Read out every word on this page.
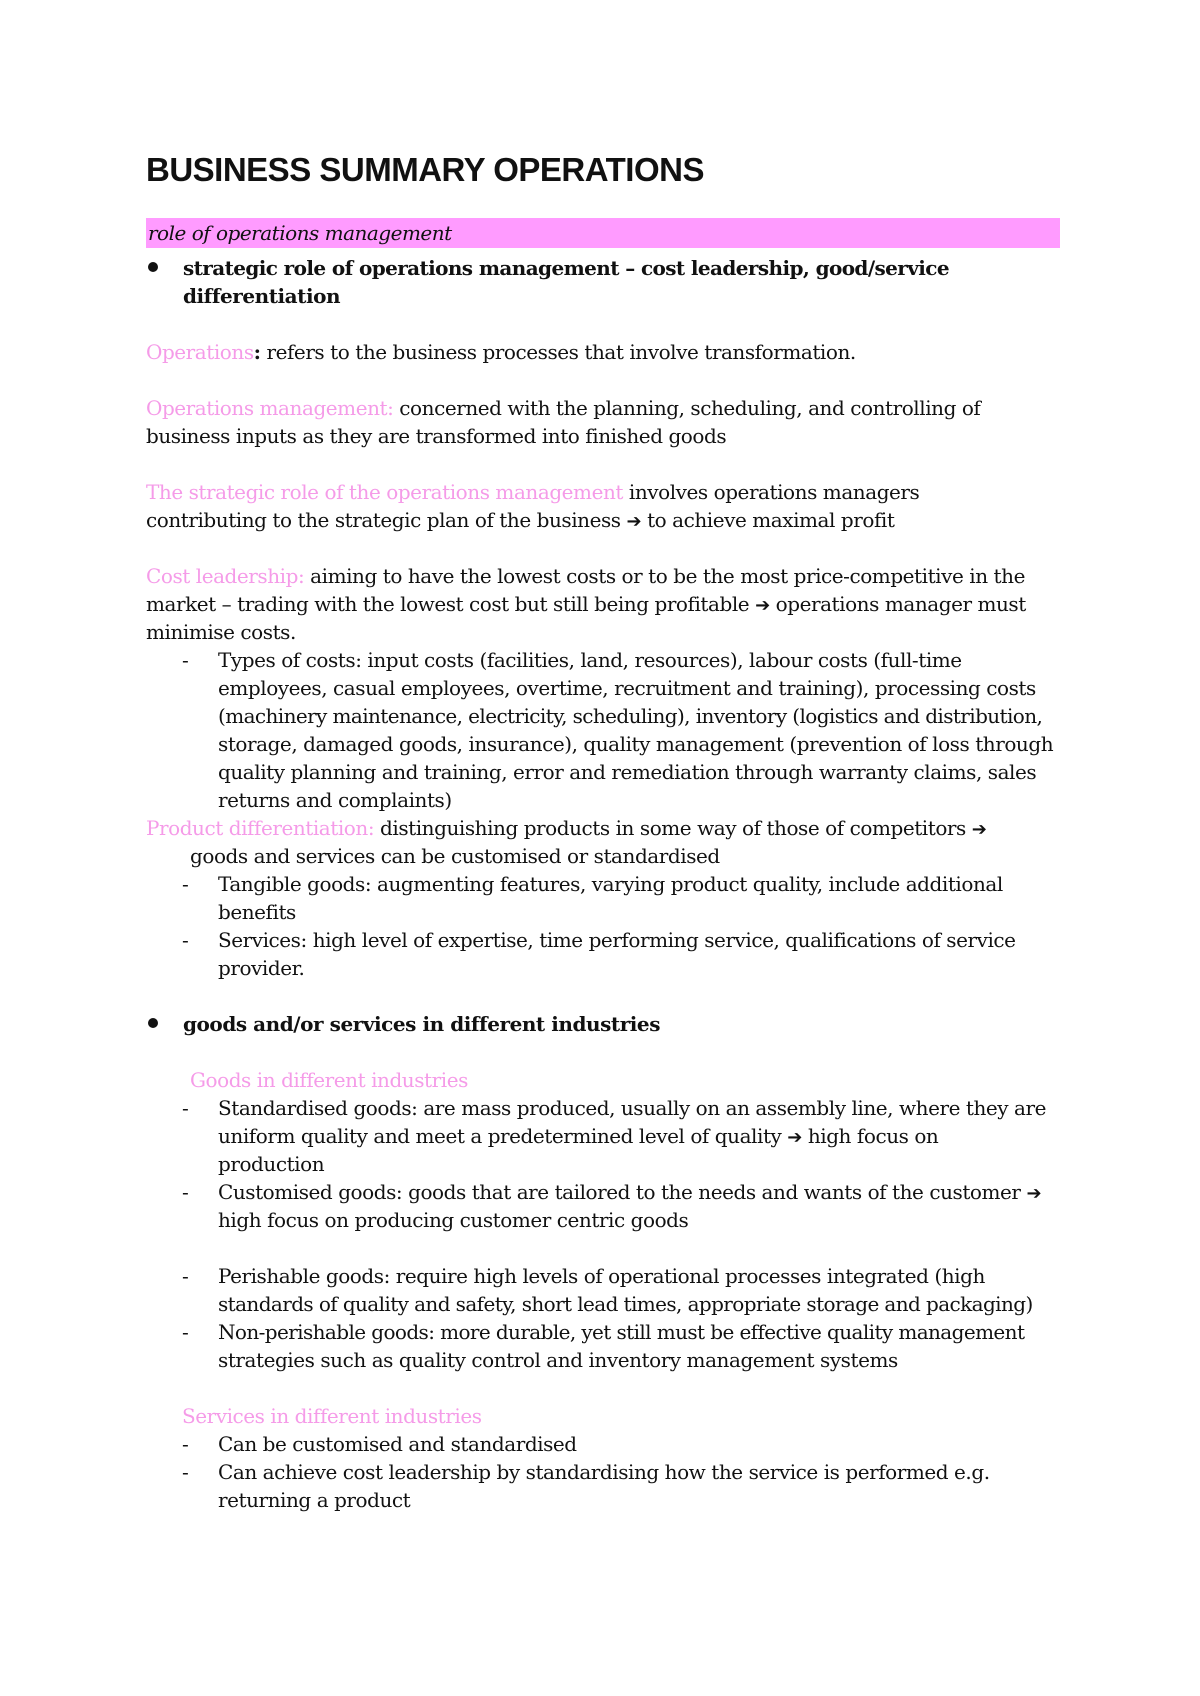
BUSINESS SUMMARY OPERATIONS
role of operations management
strategic role of operations management – cost leadership, good/service
differentiation
Operations: refers to the business processes that involve transformation.
Operations management: concerned with the planning, scheduling, and controlling of
business inputs as they are transformed into finished goods
The strategic role of the operations management involves operations managers
contributing to the strategic plan of the business ➔ to achieve maximal profit
Cost leadership: aiming to have the lowest costs or to be the most price-competitive in the
market – trading with the lowest cost but still being profitable ➔ operations manager must
minimise costs.
- Types of costs: input costs (facilities, land, resources), labour costs (full-time
employees, casual employees, overtime, recruitment and training), processing costs
(machinery maintenance, electricity, scheduling), inventory (logistics and distribution,
storage, damaged goods, insurance), quality management (prevention of loss through
quality planning and training, error and remediation through warranty claims, sales
returns and complaints)
Product differentiation: distinguishing products in some way of those of competitors ➔
goods and services can be customised or standardised
- Tangible goods: augmenting features, varying product quality, include additional
benefits
- Services: high level of expertise, time performing service, qualifications of service
provider.
goods and/or services in different industries
Goods in different industries
- Standardised goods: are mass produced, usually on an assembly line, where they are
uniform quality and meet a predetermined level of quality ➔ high focus on
production
- Customised goods: goods that are tailored to the needs and wants of the customer ➔
high focus on producing customer centric goods
- Perishable goods: require high levels of operational processes integrated (high
standards of quality and safety, short lead times, appropriate storage and packaging)
- Non-perishable goods: more durable, yet still must be effective quality management
strategies such as quality control and inventory management systems
Services in different industries
- Can be customised and standardised
- Can achieve cost leadership by standardising how the service is performed e.g.
returning a product
